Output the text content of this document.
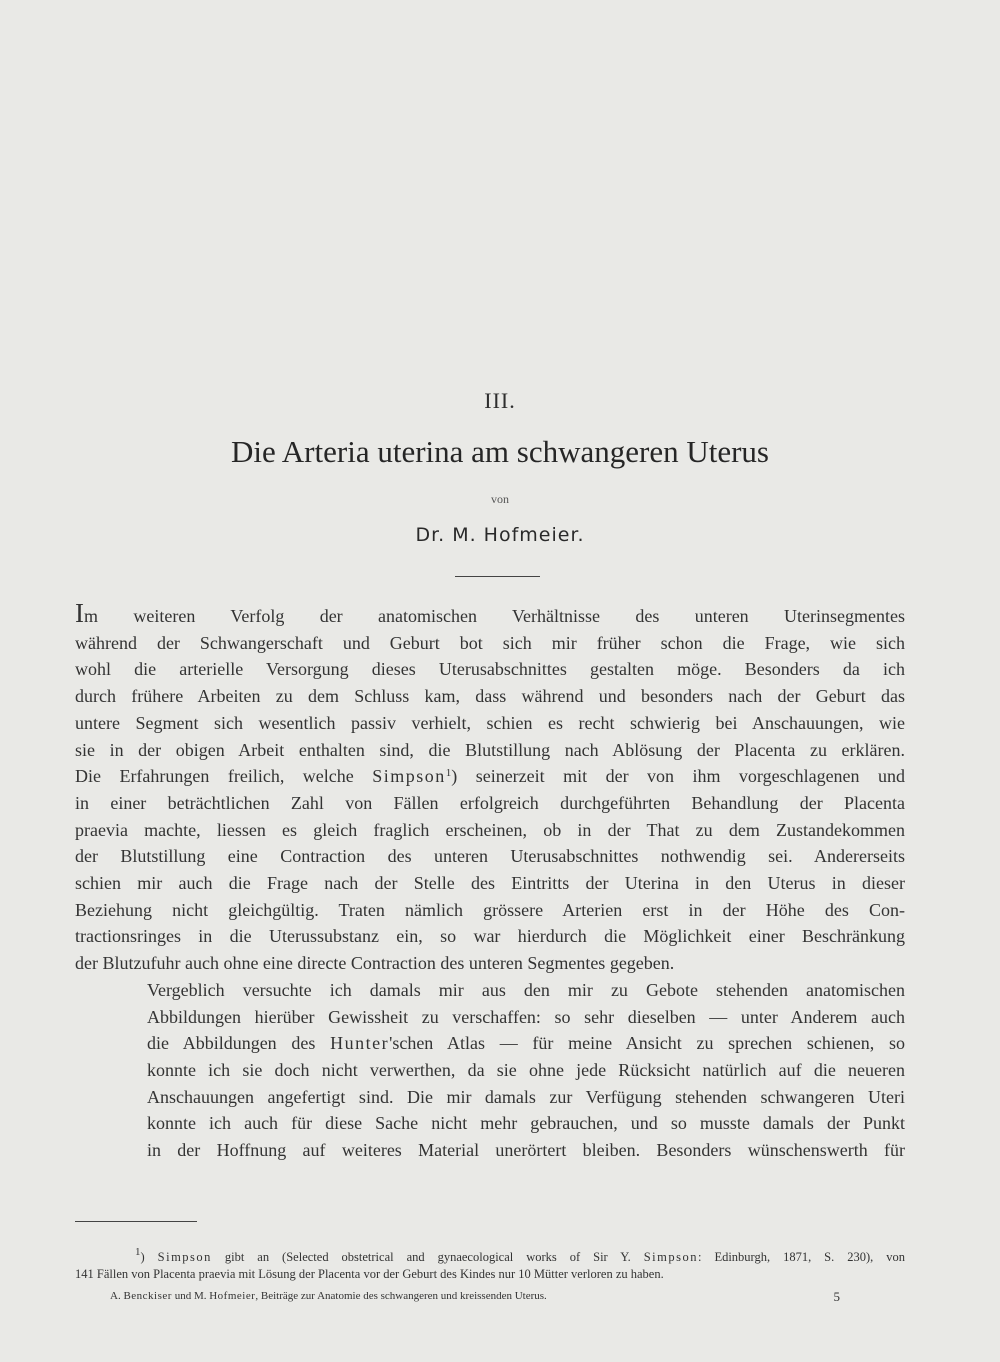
III.
Die Arteria uterina am schwangeren Uterus
von
Dr. M. Hofmeier.

Im weiteren Verfolg der anatomischen Verhältnisse des unteren Uterinsegmentes
während der Schwangerschaft und Geburt bot sich mir früher schon die Frage, wie sich
wohl die arterielle Versorgung dieses Uterusabschnittes gestalten möge. Besonders da ich
durch frühere Arbeiten zu dem Schluss kam, dass während und besonders nach der Geburt das
untere Segment sich wesentlich passiv verhielt, schien es recht schwierig bei Anschauungen, wie
sie in der obigen Arbeit enthalten sind, die Blutstillung nach Ablösung der Placenta zu erklären.
Die Erfahrungen freilich, welche Simpson$^1$) seinerzeit mit der von ihm vorgeschlagenen und
in einer beträchtlichen Zahl von Fällen erfolgreich durchgeführten Behandlung der Placenta
praevia machte, liessen es gleich fraglich erscheinen, ob in der That zu dem Zustandekommen
der Blutstillung eine Contraction des unteren Uterusabschnittes nothwendig sei. Andererseits
schien mir auch die Frage nach der Stelle des Eintritts der Uterina in den Uterus in dieser
Beziehung nicht gleichgültig. Traten nämlich grössere Arterien erst in der Höhe des Con-
tractionsringes in die Uterussubstanz ein, so war hierdurch die Möglichkeit einer Beschränkung
der Blutzufuhr auch ohne eine directe Contraction des unteren Segmentes gegeben.

Vergeblich versuchte ich damals mir aus den mir zu Gebote stehenden anatomischen
Abbildungen hierüber Gewissheit zu verschaffen: so sehr dieselben — unter Anderem auch
die Abbildungen des Hunter'schen Atlas — für meine Ansicht zu sprechen schienen, so
konnte ich sie doch nicht verwerthen, da sie ohne jede Rücksicht natürlich auf die neueren
Anschauungen angefertigt sind. Die mir damals zur Verfügung stehenden schwangeren Uteri
konnte ich auch für diese Sache nicht mehr gebrauchen, und so musste damals der Punkt
in der Hoffnung auf weiteres Material unerörtert bleiben. Besonders wünschenswerth für

$^1$) Simpson gibt an (Selected obstetrical and gynaecological works of Sir Y. Simpson: Edinburgh, 1871, S. 230), von
141 Fällen von Placenta praevia mit Lösung der Placenta vor der Geburt des Kindes nur 10 Mütter verloren zu haben.
A. Benckiser und M. Hofmeier, Beiträge zur Anatomie des schwangeren und kreissenden Uterus.	5
